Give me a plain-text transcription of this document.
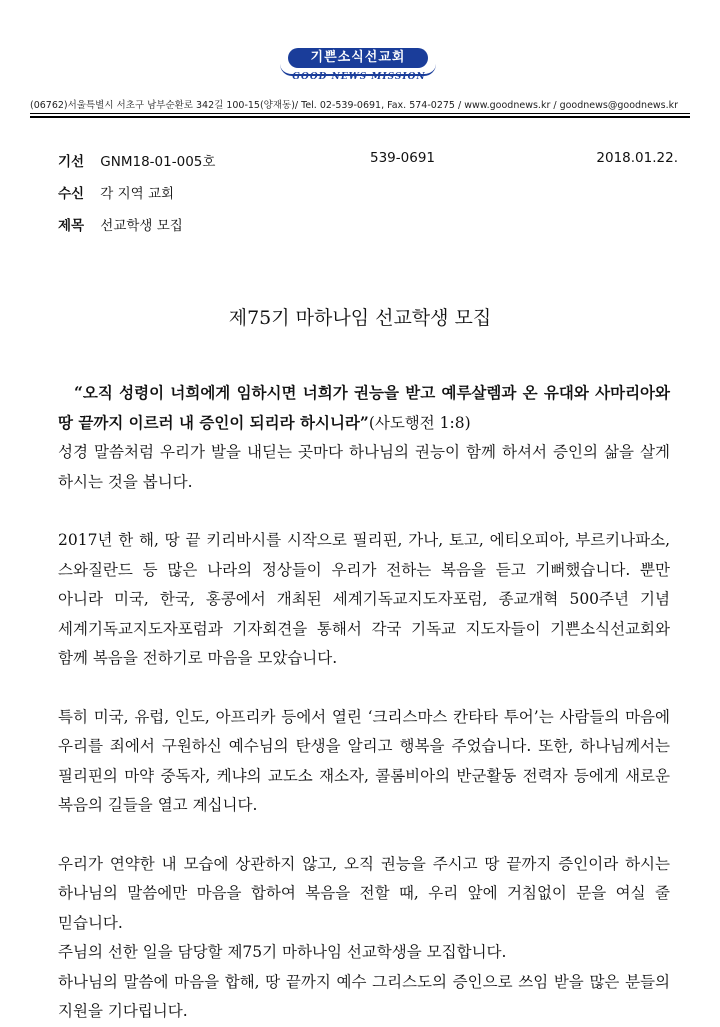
기쁜소식선교회
GOOD NEWS MISSION
(06762)서울특별시 서초구 남부순환로 342길 100-15(양재동)/ Tel. 02-539-0691, Fax. 574-0275 / www.goodnews.kr / goodnews@goodnews.kr
기선 GNM18-01-005호	539-0691	2018.01.22.
수신 각 지역 교회
제목 선교학생 모집
제75기 마하나임 선교학생 모집

“오직 성령이 너희에게 임하시면 너희가 권능을 받고 예루살렘과 온 유대와 사마리아와 땅 끝까지 이르러 내 증인이 되리라 하시니라”(사도행전 1:8)

성경 말씀처럼 우리가 발을 내딛는 곳마다 하나님의 권능이 함께 하셔서 증인의 삶을 살게 하시는 것을 봅니다.

2017년 한 해, 땅 끝 키리바시를 시작으로 필리핀, 가나, 토고, 에티오피아, 부르키나파소, 스와질란드 등 많은 나라의 정상들이 우리가 전하는 복음을 듣고 기뻐했습니다. 뿐만 아니라 미국, 한국, 홍콩에서 개최된 세계기독교지도자포럼, 종교개혁 500주년 기념 세계기독교지도자포럼과 기자회견을 통해서 각국 기독교 지도자들이 기쁜소식선교회와 함께 복음을 전하기로 마음을 모았습니다.

특히 미국, 유럽, 인도, 아프리카 등에서 열린 ‘크리스마스 칸타타 투어’는 사람들의 마음에 우리를 죄에서 구원하신 예수님의 탄생을 알리고 행복을 주었습니다. 또한, 하나님께서는 필리핀의 마약 중독자, 케냐의 교도소 재소자, 콜롬비아의 반군활동 전력자 등에게 새로운 복음의 길들을 열고 계십니다.

우리가 연약한 내 모습에 상관하지 않고, 오직 권능을 주시고 땅 끝까지 증인이라 하시는 하나님의 말씀에만 마음을 합하여 복음을 전할 때, 우리 앞에 거침없이 문을 여실 줄 믿습니다.

주님의 선한 일을 담당할 제75기 마하나임 선교학생을 모집합니다.

하나님의 말씀에 마음을 합해, 땅 끝까지 예수 그리스도의 증인으로 쓰임 받을 많은 분들의 지원을 기다립니다.
